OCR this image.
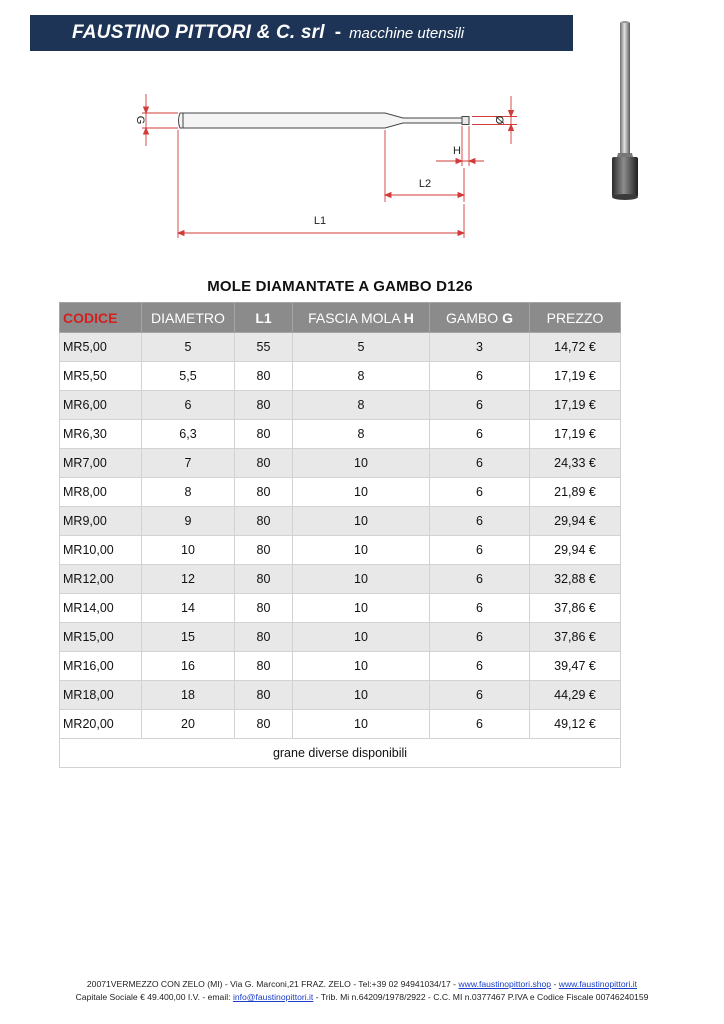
FAUSTINO PITTORI & C. srl - macchine utensili
G	Ø
H
L2
L1
MOLE DIAMANTATE A GAMBO D126
CODICE	DIAMETRO	L1	FASCIA MOLA H	GAMBO G	PREZZO
MR5,00	5	55	5	3	14,72 €
MR5,50	5,5	80	8	6	17,19 €
MR6,00	6	80	8	6	17,19 €
MR6,30	6,3	80	8	6	17,19 €
MR7,00	7	80	10	6	24,33 €
MR8,00	8	80	10	6	21,89 €
MR9,00	9	80	10	6	29,94 €
MR10,00	10	80	10	6	29,94 €
MR12,00	12	80	10	6	32,88 €
MR14,00	14	80	10	6	37,86 €
MR15,00	15	80	10	6	37,86 €
MR16,00	16	80	10	6	39,47 €
MR18,00	18	80	10	6	44,29 €
MR20,00	20	80	10	6	49,12 €
grane diverse disponibili					
20071VERMEZZO CON ZELO (MI) - Via G. Marconi,21 FRAZ. ZELO - Tel:+39 02 94941034/17 - www.faustinopittori.shop - www.faustinopittori.it
Capitale Sociale € 49.400,00 I.V. - email: info@faustinopittori.it - Trib. Mi n.64209/1978/2922 - C.C. MI n.0377467 P.IVA e Codice Fiscale 00746240159
